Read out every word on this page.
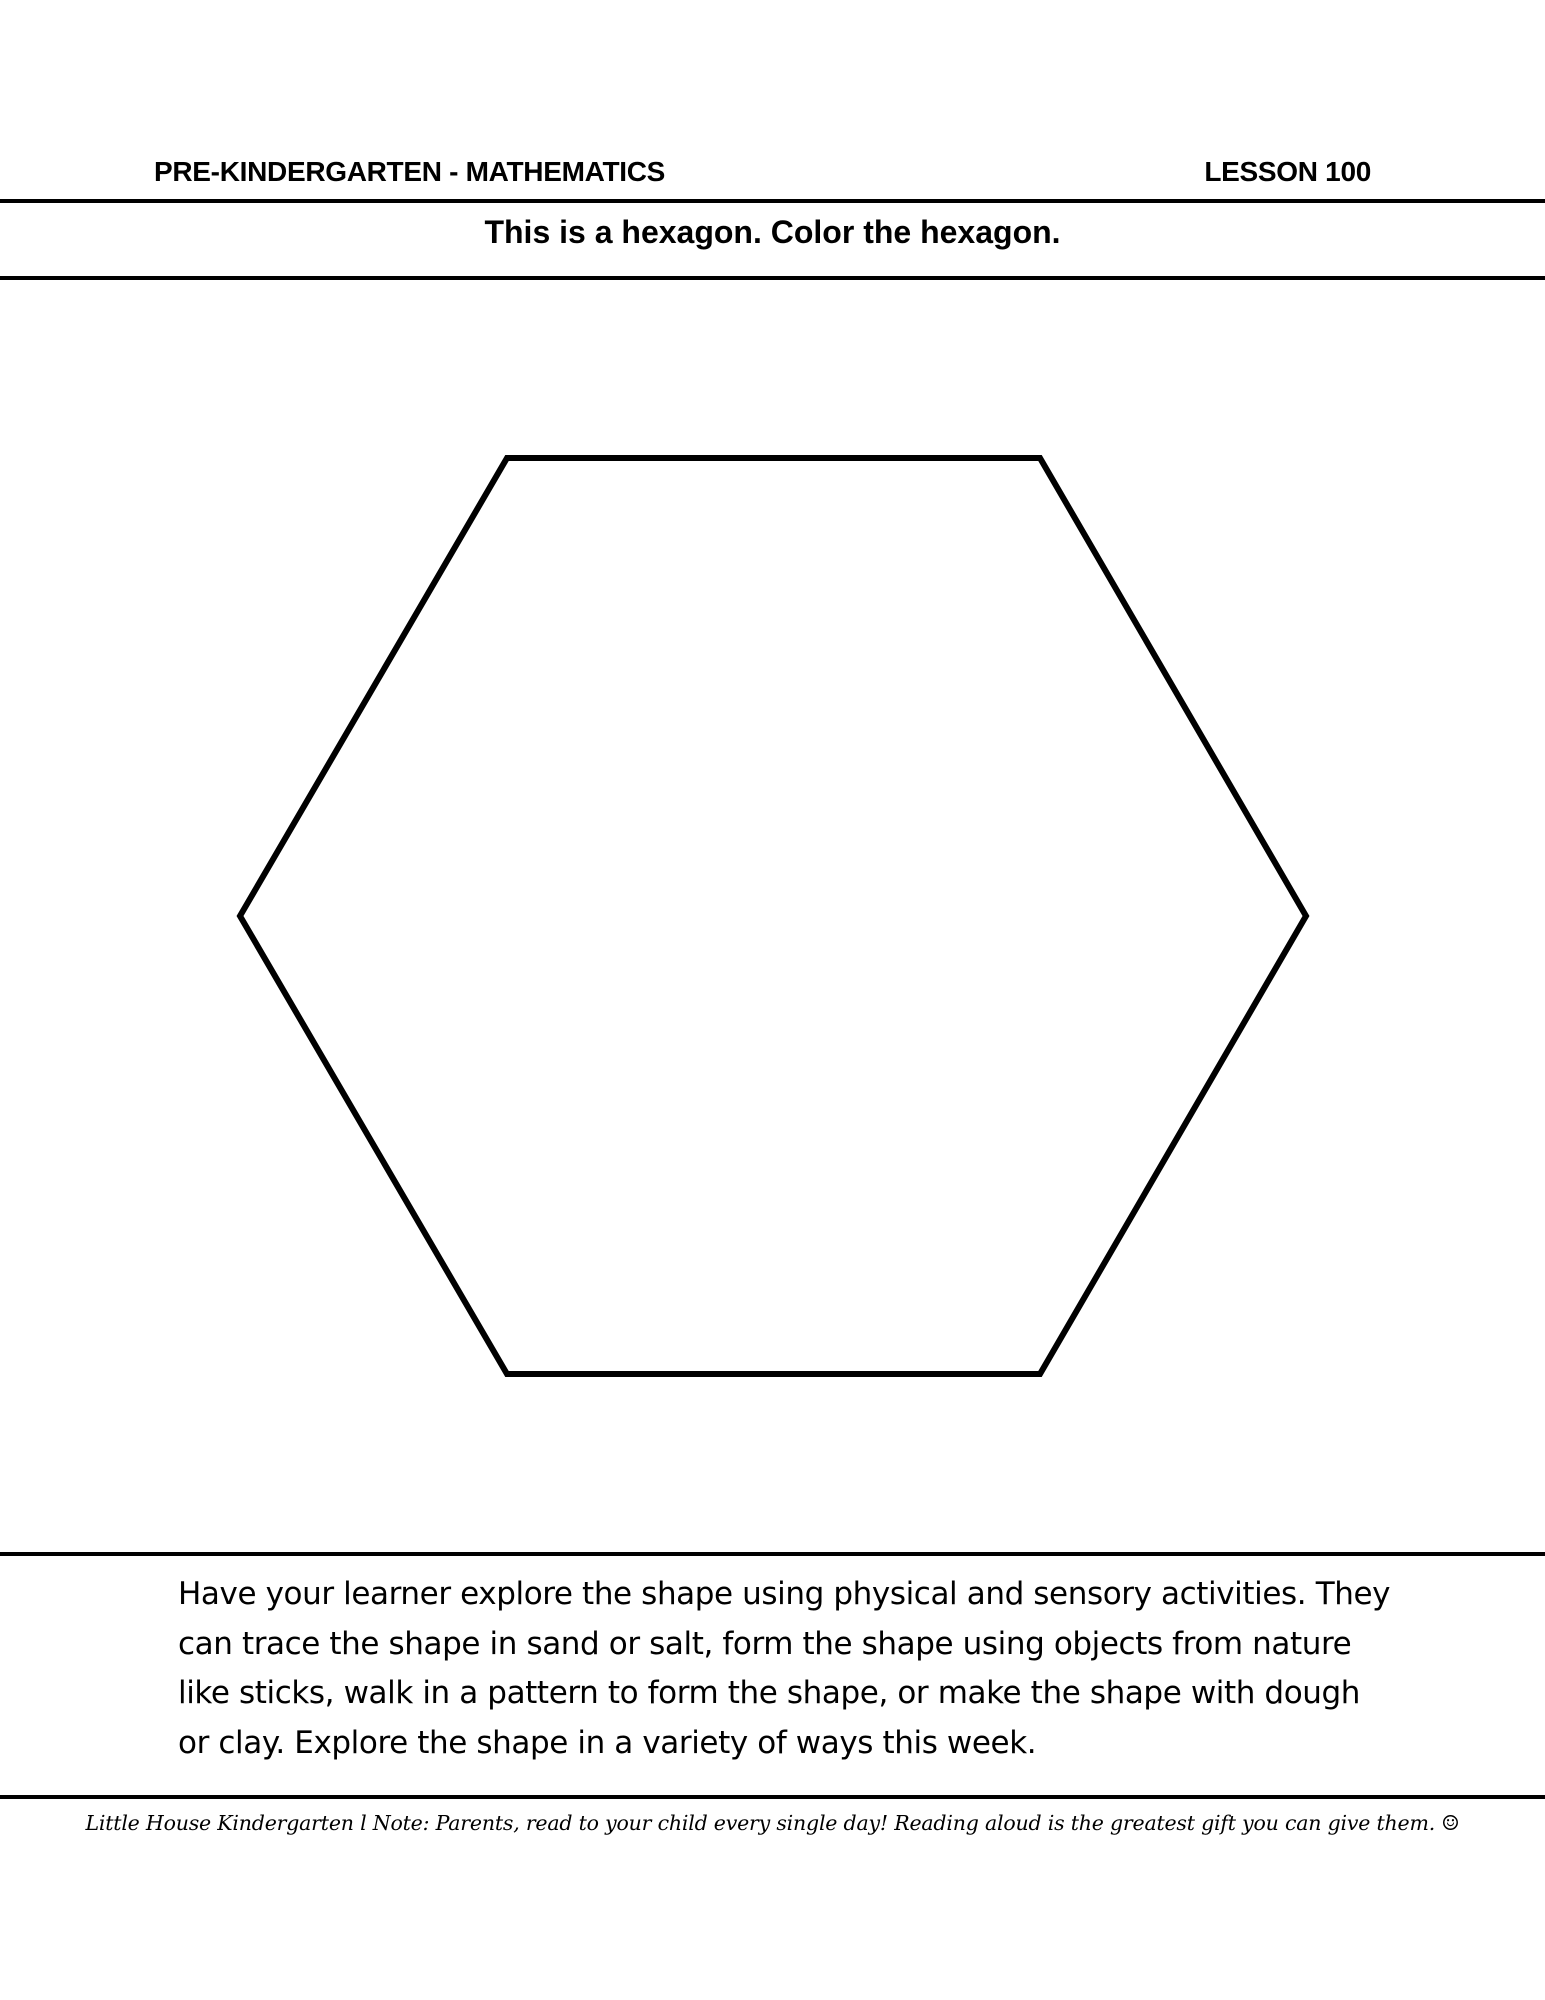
PRE-KINDERGARTEN - MATHEMATICS	LESSON 100
This is a hexagon. Color the hexagon.
Have your learner explore the shape using physical and sensory activities. They
can trace the shape in sand or salt, form the shape using objects from nature
like sticks, walk in a pattern to form the shape, or make the shape with dough
or clay. Explore the shape in a variety of ways this week.
Little House Kindergarten l Note: Parents, read to your child every single day! Reading aloud is the greatest gift you can give them. ☺
